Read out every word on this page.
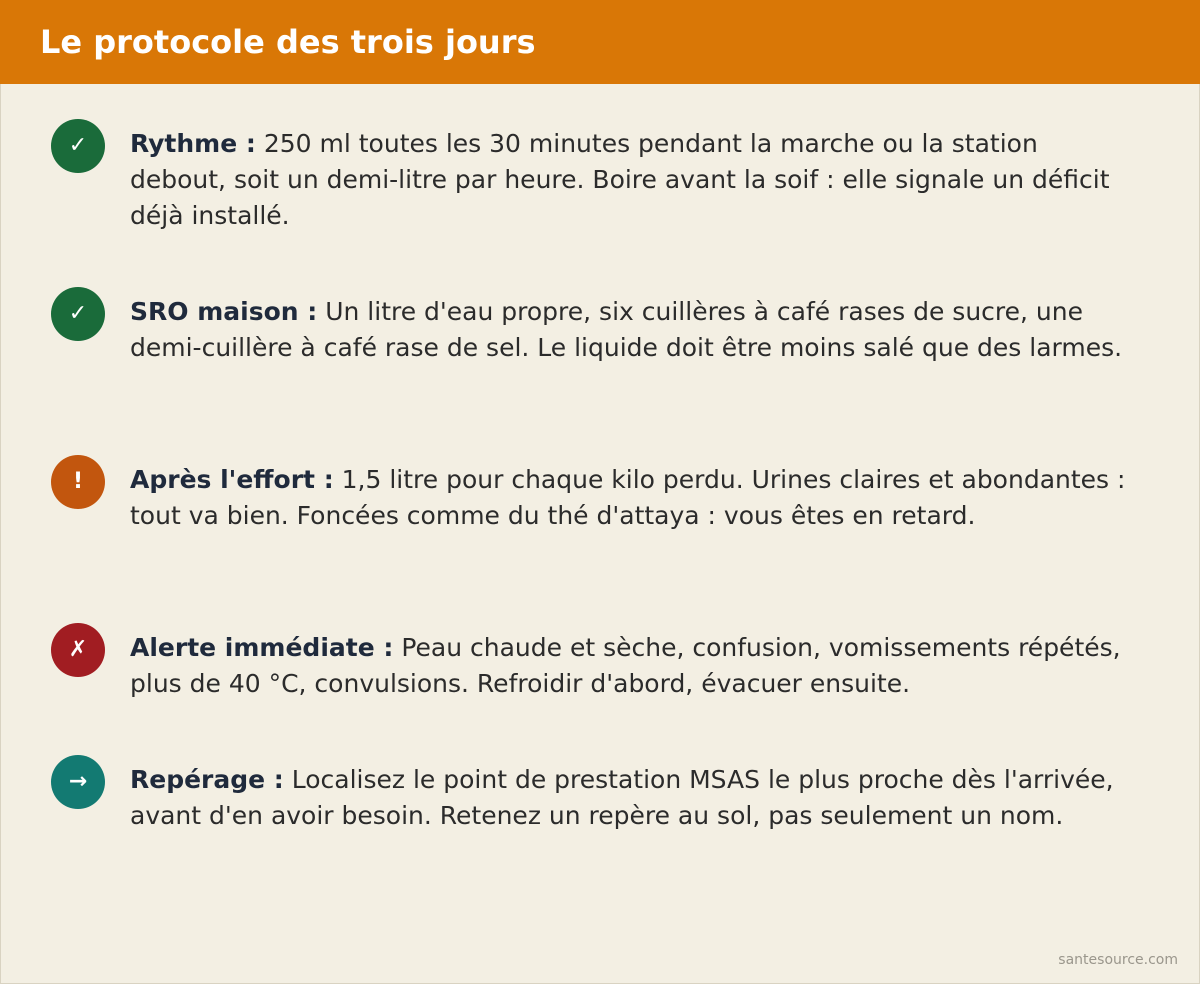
Le protocole des trois jours
✓	Rythme : 250 ml toutes les 30 minutes pendant la marche ou la station debout, soit un demi-litre par heure. Boire avant la soif : elle signale un déficit déjà installé.

✓	SRO maison : Un litre d'eau propre, six cuillères à café rases de sucre, une demi-cuillère à café rase de sel. Le liquide doit être moins salé que des larmes.

!	Après l'effort : 1,5 litre pour chaque kilo perdu. Urines claires et abondantes : tout va bien. Foncées comme du thé d'attaya : vous êtes en retard.

✗	Alerte immédiate : Peau chaude et sèche, confusion, vomissements répétés, plus de 40 °C, convulsions. Refroidir d'abord, évacuer ensuite.

→	Repérage : Localisez le point de prestation MSAS le plus proche dès l'arrivée, avant d'en avoir besoin. Retenez un repère au sol, pas seulement un nom.

santesource.com
